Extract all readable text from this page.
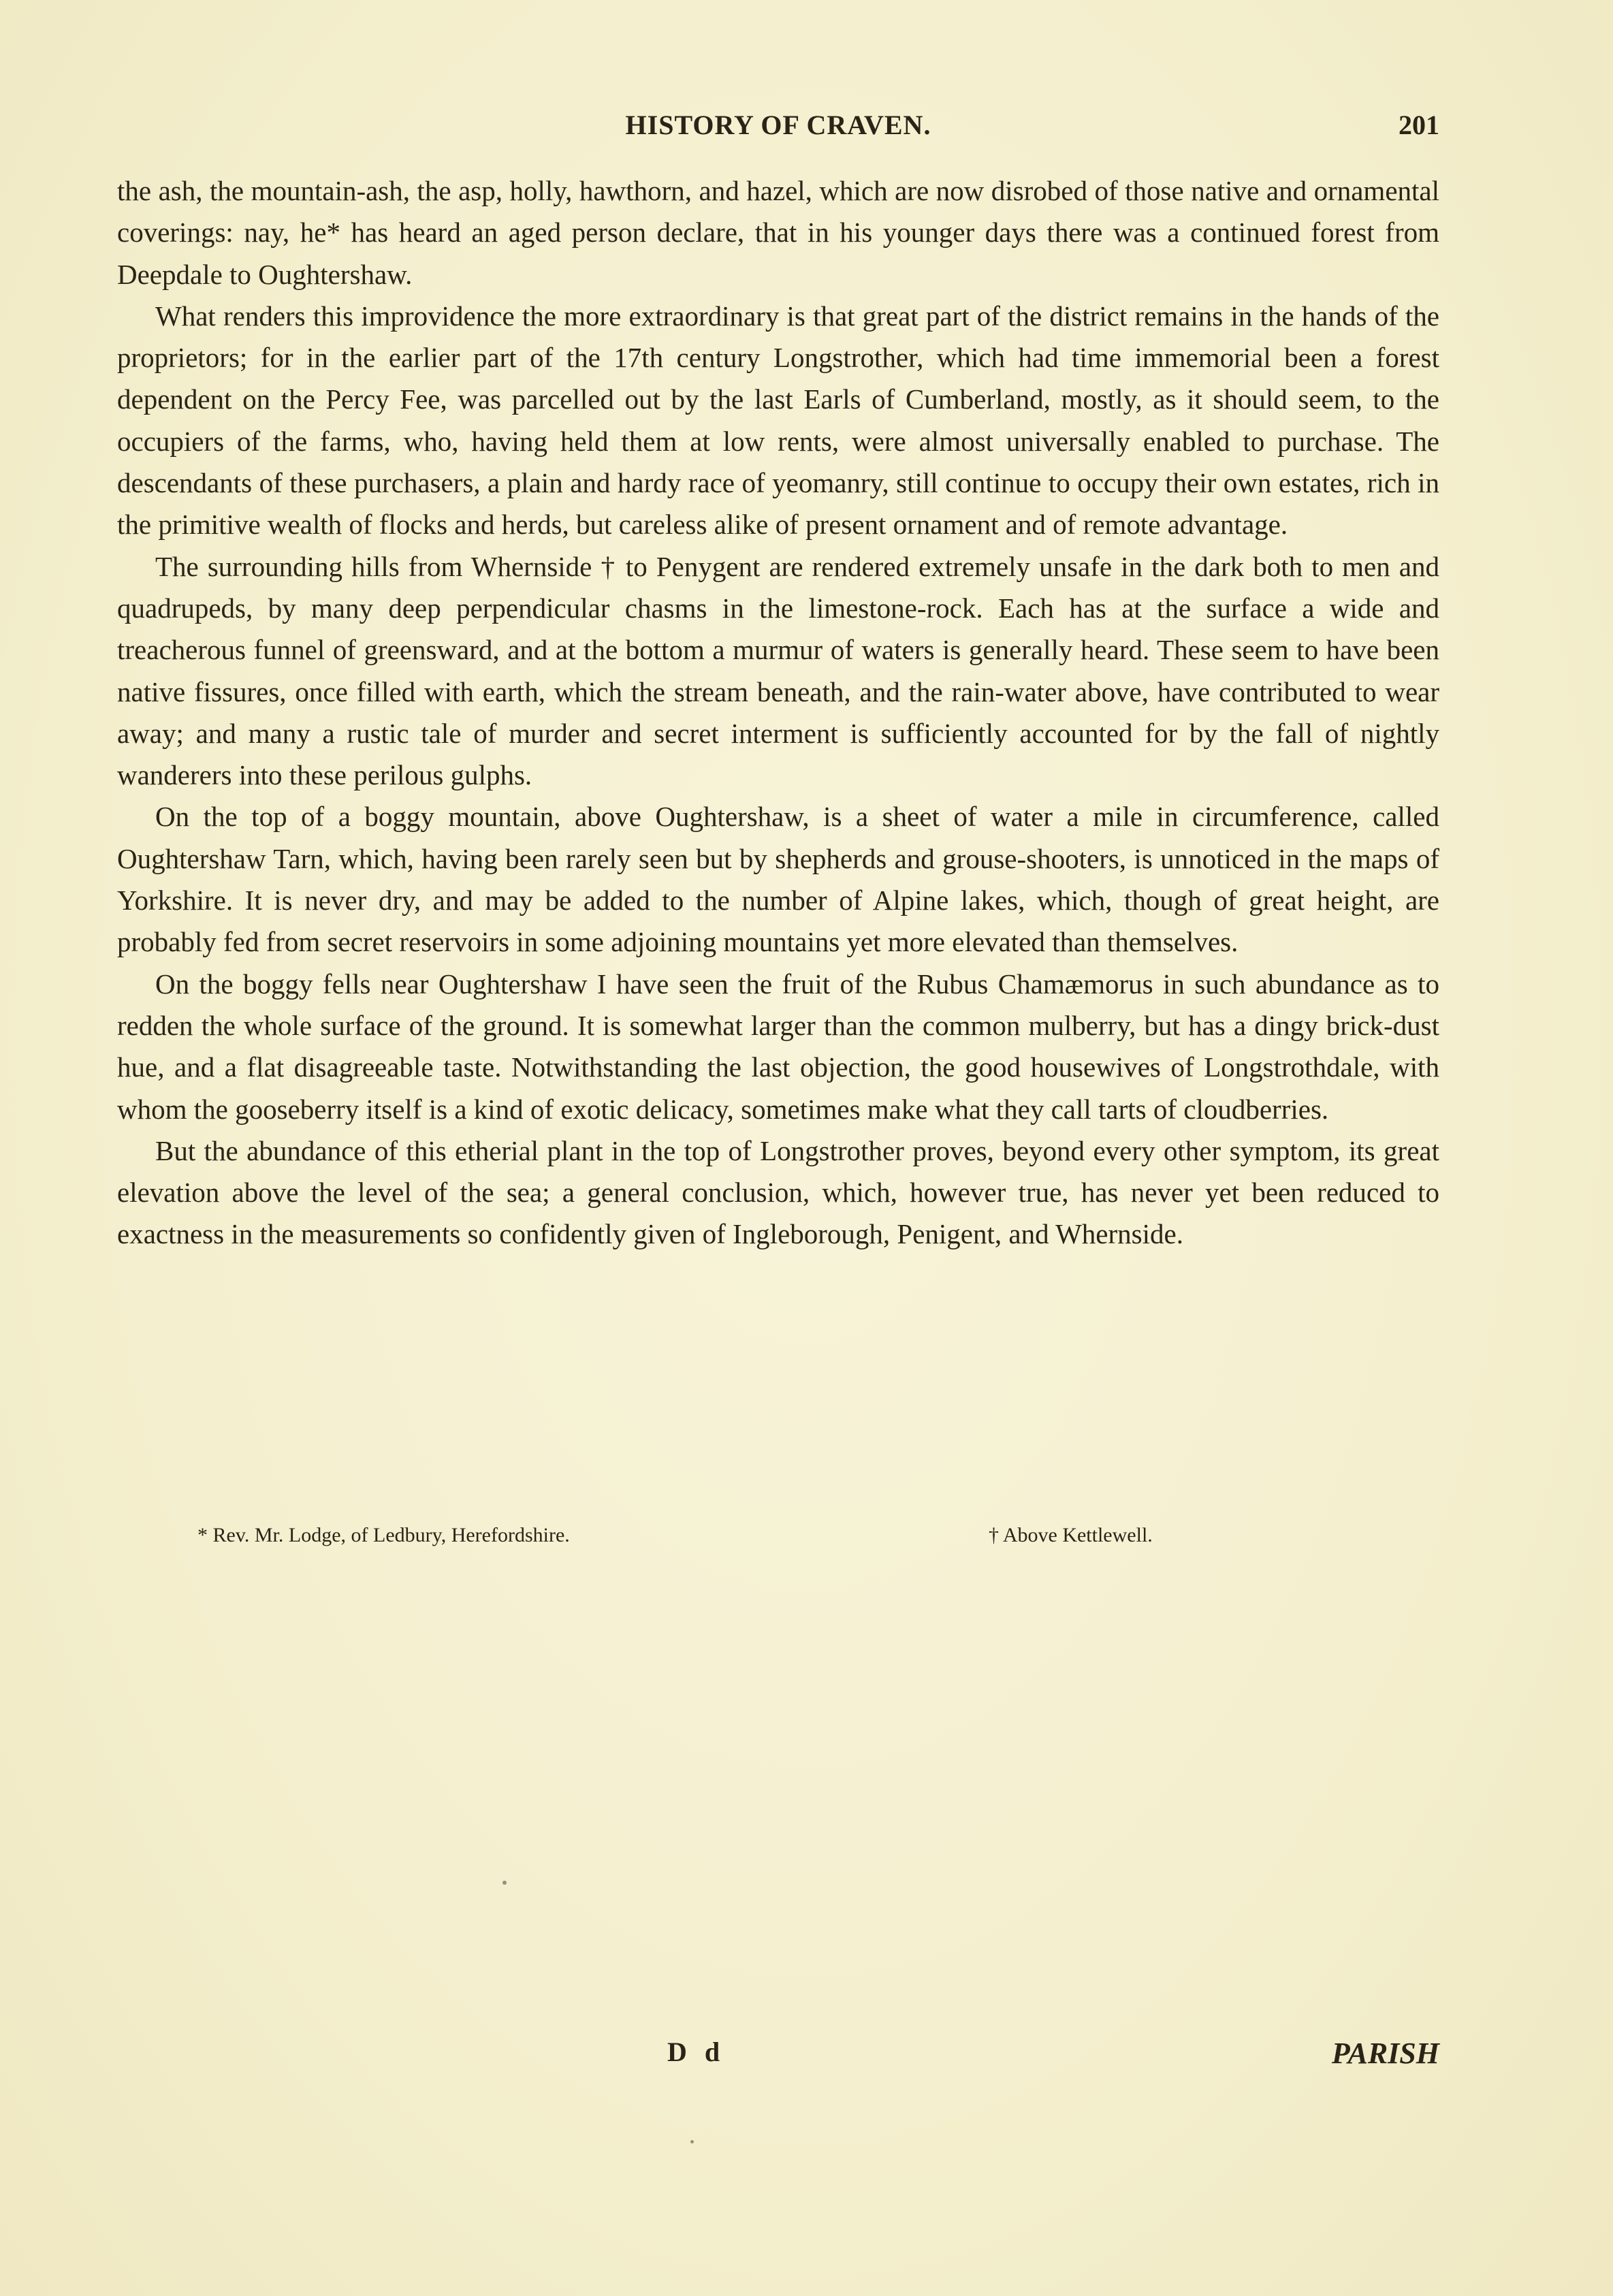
HISTORY OF CRAVEN.	201

the ash, the mountain-ash, the asp, holly, hawthorn, and hazel, which are now disrobed of those native and ornamental coverings: nay, he* has heard an aged person declare, that in his younger days there was a continued forest from Deepdale to Oughtershaw.

What renders this improvidence the more extraordinary is that great part of the district remains in the hands of the proprietors; for in the earlier part of the 17th century Longstrother, which had time immemorial been a forest dependent on the Percy Fee, was parcelled out by the last Earls of Cumberland, mostly, as it should seem, to the occupiers of the farms, who, having held them at low rents, were almost universally enabled to purchase. The descendants of these purchasers, a plain and hardy race of yeomanry, still continue to occupy their own estates, rich in the primitive wealth of flocks and herds, but careless alike of present ornament and of remote advantage.

The surrounding hills from Whernside † to Penygent are rendered extremely unsafe in the dark both to men and quadrupeds, by many deep perpendicular chasms in the limestone-rock. Each has at the surface a wide and treacherous funnel of greensward, and at the bottom a murmur of waters is generally heard. These seem to have been native fissures, once filled with earth, which the stream beneath, and the rain-water above, have contributed to wear away; and many a rustic tale of murder and secret interment is sufficiently accounted for by the fall of nightly wanderers into these perilous gulphs.

On the top of a boggy mountain, above Oughtershaw, is a sheet of water a mile in circumference, called Oughtershaw Tarn, which, having been rarely seen but by shepherds and grouse-shooters, is unnoticed in the maps of Yorkshire. It is never dry, and may be added to the number of Alpine lakes, which, though of great height, are probably fed from secret reservoirs in some adjoining mountains yet more elevated than themselves.

On the boggy fells near Oughtershaw I have seen the fruit of the Rubus Chamæmorus in such abundance as to redden the whole surface of the ground. It is somewhat larger than the common mulberry, but has a dingy brick-dust hue, and a flat disagreeable taste. Notwithstanding the last objection, the good housewives of Longstrothdale, with whom the gooseberry itself is a kind of exotic delicacy, sometimes make what they call tarts of cloudberries.

But the abundance of this etherial plant in the top of Longstrother proves, beyond every other symptom, its great elevation above the level of the sea; a general conclusion, which, however true, has never yet been reduced to exactness in the measurements so confidently given of Ingleborough, Penigent, and Whernside.

* Rev. Mr. Lodge, of Ledbury, Herefordshire.	† Above Kettlewell.
D d	PARISH
